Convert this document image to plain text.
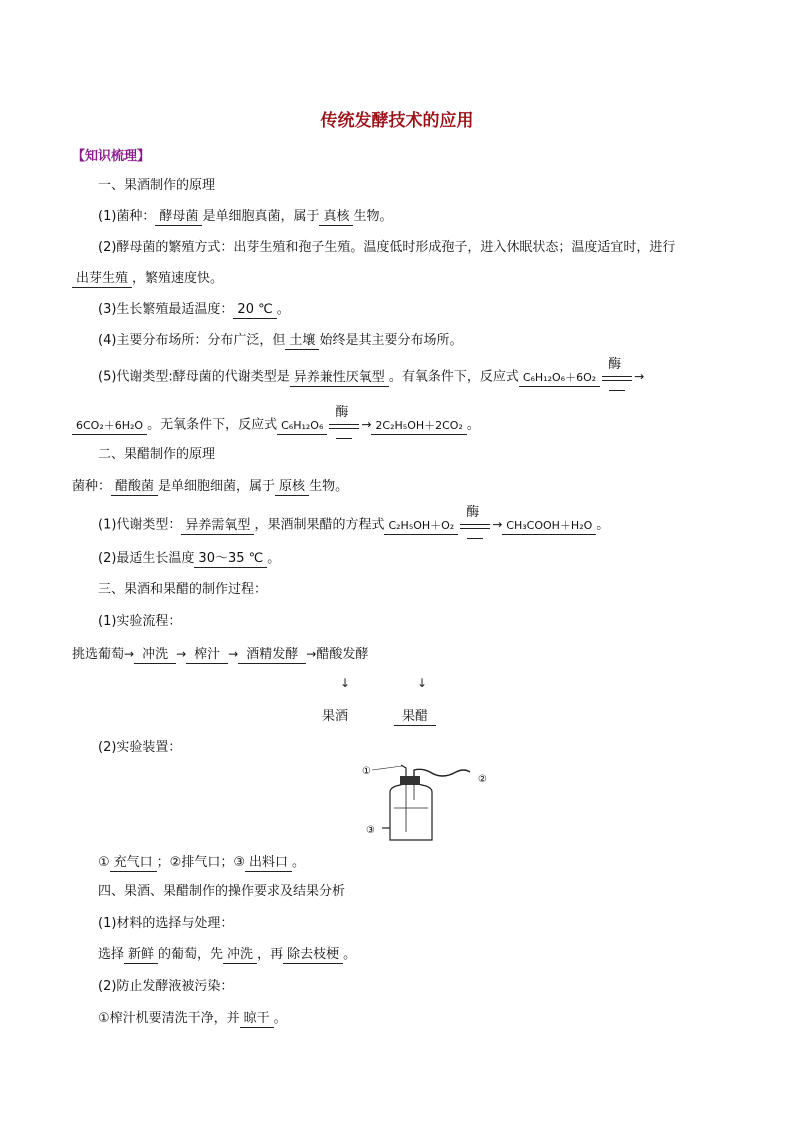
传统发酵技术的应用
【知识梳理】
一、果酒制作的原理
(1)菌种： 酵母菌 是单细胞真菌，属于 真核 生物。
(2)酵母菌的繁殖方式：出芽生殖和孢子生殖。温度低时形成孢子，进入休眠状态；温度适宜时，进行
出芽生殖 ，繁殖速度快。
(3)生长繁殖最适温度： 20 ℃ 。
(4)主要分布场所：分布广泛，但 土壤 始终是其主要分布场所。
(5)代谢类型:酵母菌的代谢类型是 异养兼性厌氧型 。有氧条件下，反应式 C₆H₁₂O₆＋6O₂
酶
→
6CO₂＋6H₂O 。无氧条件下，反应式 C₆H₁₂O₆
酶
→ 2C₂H₅OH＋2CO₂ 。
二、果醋制作的原理
菌种： 醋酸菌 是单细胞细菌，属于 原核 生物。
(1)代谢类型： 异养需氧型 ，果酒制果醋的方程式 C₂H₅OH＋O₂
酶
→ CH₃COOH＋H₂O 。
(2)最适生长温度 30～35 ℃ 。
三、果酒和果醋的制作过程：
(1)实验流程：
挑选葡萄→ 冲洗 → 榨汁 → 酒精发酵 →醋酸发酵
↓	↓
果酒	果醋
(2)实验装置：
①
②
③
① 充气口 ；②排气口；③ 出料口 。
四、果酒、果醋制作的操作要求及结果分析
(1)材料的选择与处理：
选择 新鲜 的葡萄，先 冲洗 ，再 除去枝梗 。
(2)防止发酵液被污染：
①榨汁机要清洗干净，并 晾干 。
